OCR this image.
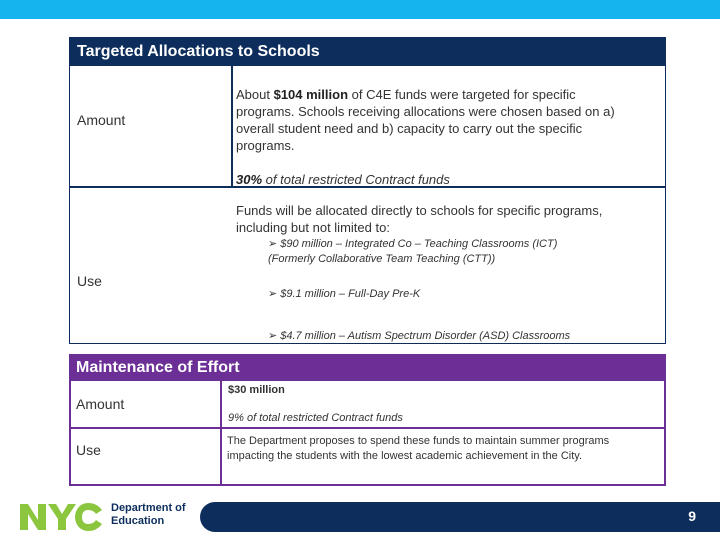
Targeted Allocations to Schools
Amount
About $104 million of C4E funds were targeted for specific programs. Schools receiving allocations were chosen based on a) overall student need and b) capacity to carry out the specific programs.
30% of total restricted Contract funds
Use
Funds will be allocated directly to schools for specific programs, including but not limited to:
➢ $90 million – Integrated Co – Teaching Classrooms (ICT) (Formerly Collaborative Team Teaching (CTT))
➢ $9.1 million – Full-Day Pre-K
➢ $4.7 million – Autism Spectrum Disorder (ASD) Classrooms
Maintenance of Effort
Amount
$30 million
9% of total restricted Contract funds
Use
The Department proposes to spend these funds to maintain summer programs impacting the students with the lowest academic achievement in the City.
Department of
Education	9
